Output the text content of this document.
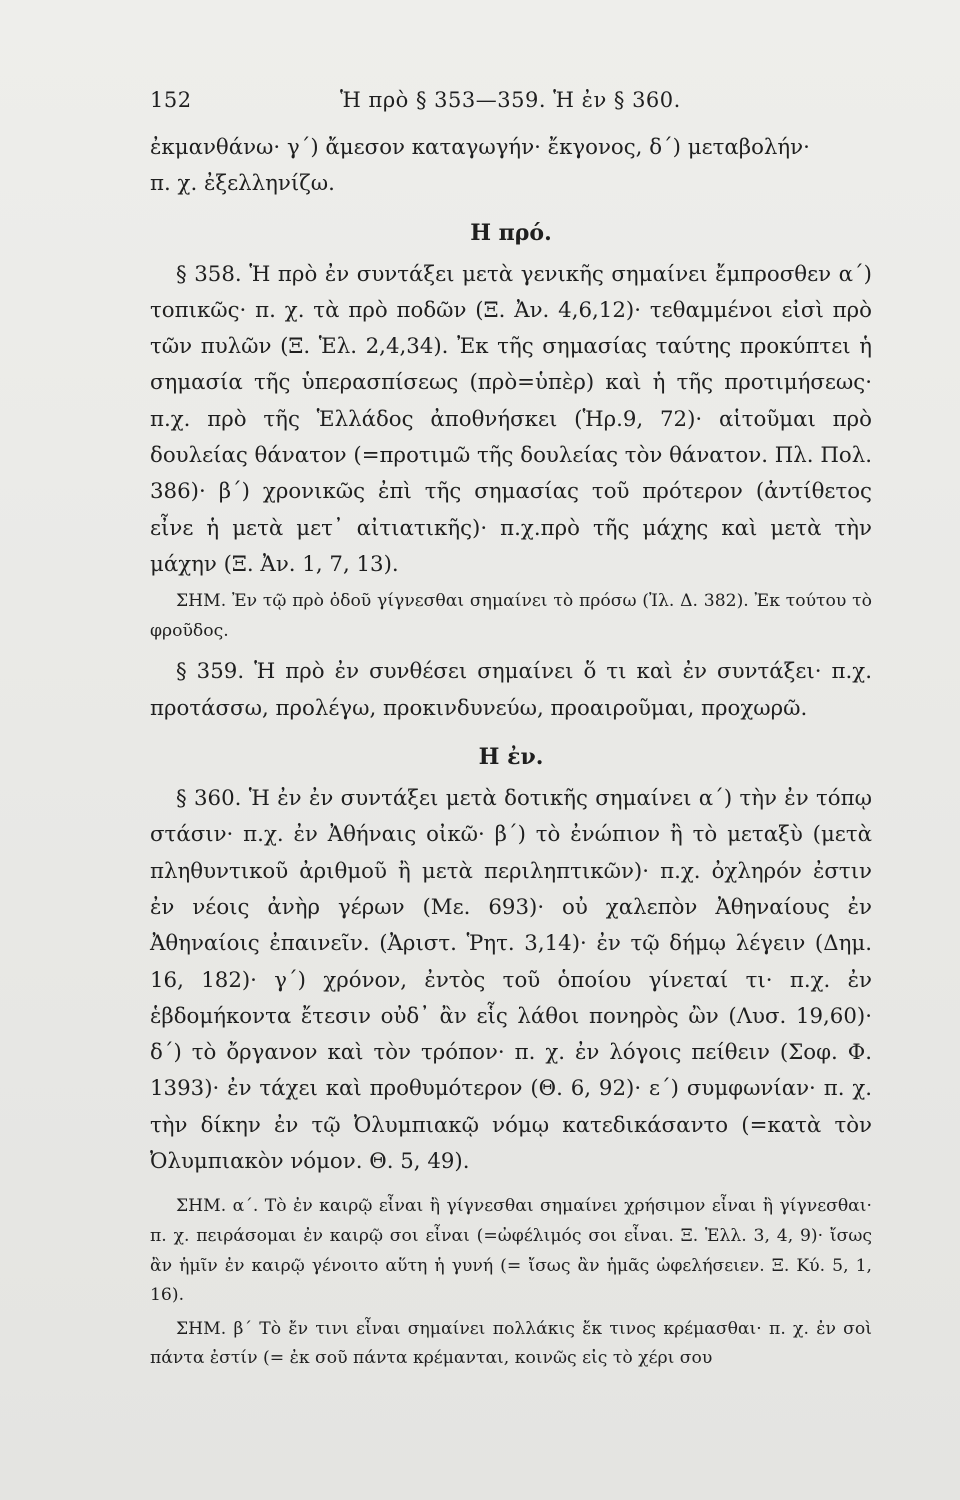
152	Ἡ πρὸ § 353—359. Ἡ ἐν § 360.

ἐκμανθάνω· γ΄) ἄμεσον καταγωγήν· ἔκγονος, δ΄) μεταβολήν·

π. χ. ἐξελληνίζω.

Η πρό.

§ 358. Ἡ πρὸ ἐν συντάξει μετὰ γενικῆς σημαίνει ἔμπροσθεν α΄) τοπικῶς· π. χ. τὰ πρὸ ποδῶν (Ξ. Ἀν. 4,6,12)· τεθαμμένοι εἰσὶ πρὸ τῶν πυλῶν (Ξ. Ἑλ. 2,4,34). Ἐκ τῆς σημασίας ταύτης προκύπτει ἡ σημασία τῆς ὑπερασπίσεως (πρὸ=ὑπὲρ) καὶ ἡ τῆς προτιμήσεως· π.χ. πρὸ τῆς Ἑλλάδος ἀποθνήσκει (Ἡρ.9, 72)· αἱτοῦμαι πρὸ δουλείας θάνατον (=προτιμῶ τῆς δουλείας τὸν θάνατον. Πλ. Πολ. 386)· β΄) χρονικῶς ἐπὶ τῆς σημασίας τοῦ πρότερον (ἀντίθετος εἶνε ἡ μετὰ μετ᾽ αἰτιατικῆς)· π.χ.πρὸ τῆς μάχης καὶ μετὰ τὴν μάχην (Ξ. Ἀν. 1, 7, 13).

ΣΗΜ. Ἐν τῷ πρὸ ὁδοῦ γίγνεσθαι σημαίνει τὸ πρόσω (Ἰλ. Δ. 382). Ἐκ τούτου τὸ φροῦδος.

§ 359. Ἡ πρὸ ἐν συνθέσει σημαίνει ὅ τι καὶ ἐν συντάξει· π.χ. προτάσσω, προλέγω, προκινδυνεύω, προαιροῦμαι, προχωρῶ.

Η ἐν.

§ 360. Ἡ ἐν ἐν συντάξει μετὰ δοτικῆς σημαίνει α΄) τὴν ἐν τόπῳ στάσιν· π.χ. ἐν Ἀθήναις οἰκῶ· β΄) τὸ ἐνώπιον ἢ τὸ μεταξὺ (μετὰ πληθυντικοῦ ἀριθμοῦ ἢ μετὰ περιληπτικῶν)· π.χ. ὀχληρόν ἐστιν ἐν νέοις ἀνὴρ γέρων (Με. 693)· οὐ χαλεπὸν Ἀθηναίους ἐν Ἀθηναίοις ἐπαινεῖν. (Ἀριστ. Ῥητ. 3,14)· ἐν τῷ δήμῳ λέγειν (Δημ. 16, 182)· γ΄) χρόνον, ἐντὸς τοῦ ὁποίου γίνεταί τι· π.χ. ἐν ἑβδομήκοντα ἔτεσιν οὐδ᾽ ἂν εἷς λάθοι πονηρὸς ὢν (Λυσ. 19,60)· δ΄) τὸ ὄργανον καὶ τὸν τρόπον· π. χ. ἐν λόγοις πείθειν (Σοφ. Φ. 1393)· ἐν τάχει καὶ προθυμότερον (Θ. 6, 92)· ε΄) συμφωνίαν· π. χ. τὴν δίκην ἐν τῷ Ὀλυμπιακῷ νόμῳ κατεδικάσαντο (=κατὰ τὸν Ὀλυμπιακὸν νόμον. Θ. 5, 49).

ΣΗΜ. α΄. Τὸ ἐν καιρῷ εἶναι ἢ γίγνεσθαι σημαίνει χρήσιμον εἶναι ἢ γίγνεσθαι· π. χ. πειράσομαι ἐν καιρῷ σοι εἶναι (=ὠφέλιμός σοι εἶναι. Ξ. Ἑλλ. 3, 4, 9)· ἴσως ἂν ἡμῖν ἐν καιρῷ γένοιτο αὕτη ἡ γυνή (= ἴσως ἂν ἡμᾶς ὠφελήσειεν. Ξ. Κύ. 5, 1, 16).

ΣΗΜ. β΄ Τὸ ἔν τινι εἶναι σημαίνει πολλάκις ἔκ τινος κρέμασθαι· π. χ. ἐν σοὶ πάντα ἐστίν (= ἐκ σοῦ πάντα κρέμανται, κοινῶς εἰς τὸ χέρι σου
